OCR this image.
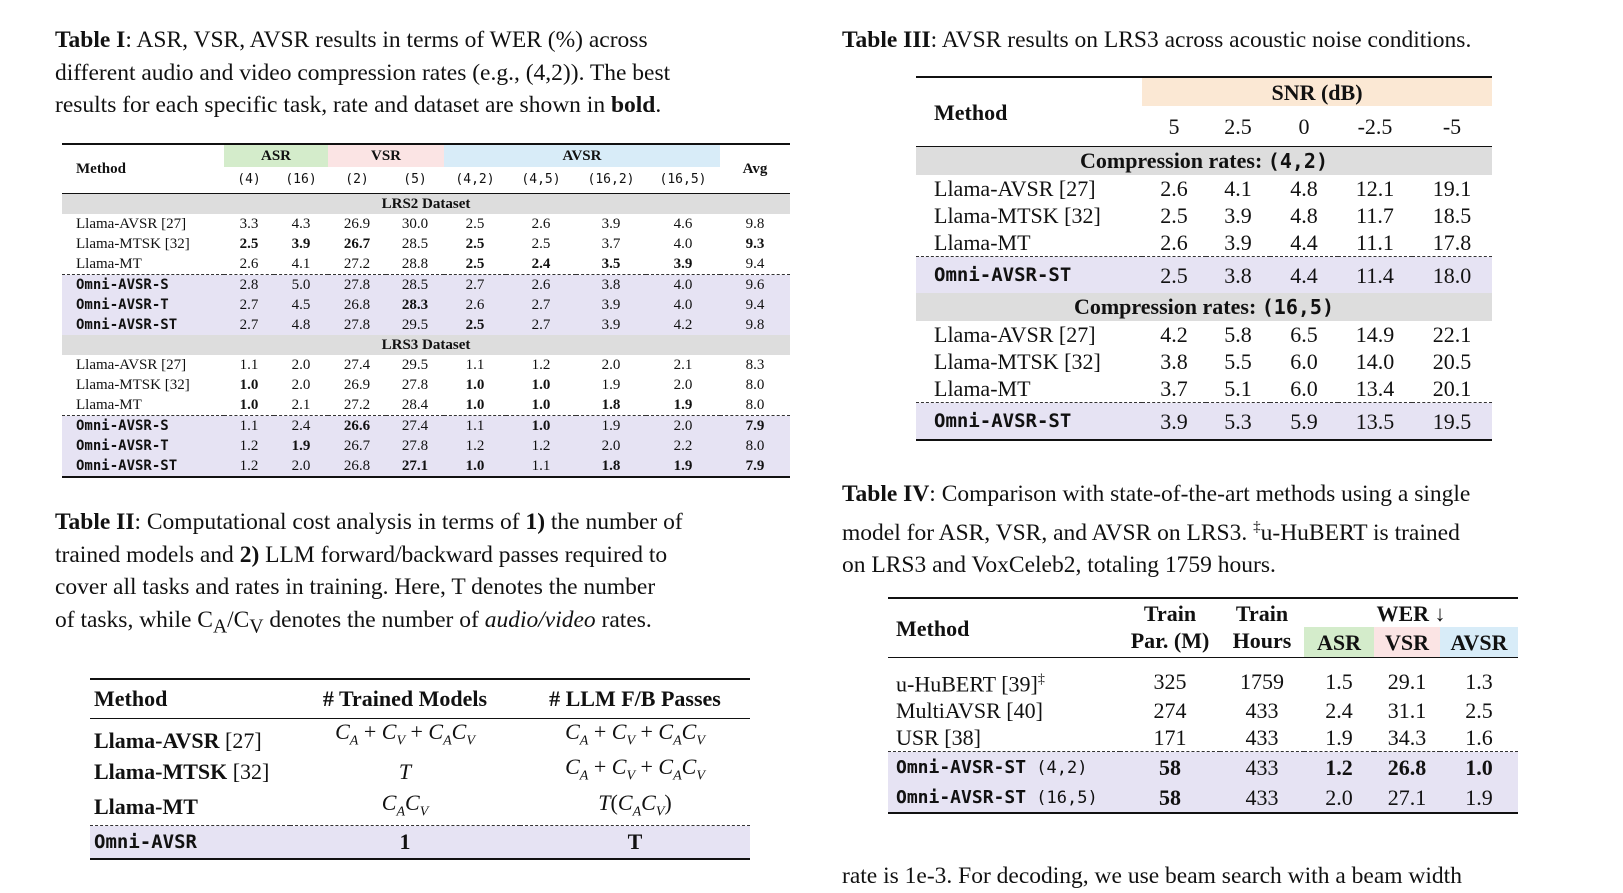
Table I: ASR, VSR, AVSR results in terms of WER (%) across
different audio and video compression rates (e.g., (4,2)). The best
results for each specific task, rate and dataset are shown in bold.
Method	ASR		VSR		AVSR				Avg
	(4)	(16)	(2)	(5)	(4,2)	(4,5)	(16,2)	(16,5)	
LRS2 Dataset									
Llama-AVSR [27]	3.3	4.3	26.9	30.0	2.5	2.6	3.9	4.6	9.8
Llama-MTSK [32]	2.5	3.9	26.7	28.5	2.5	2.5	3.7	4.0	9.3
Llama-MT	2.6	4.1	27.2	28.8	2.5	2.4	3.5	3.9	9.4
Omni-AVSR-S	2.8	5.0	27.8	28.5	2.7	2.6	3.8	4.0	9.6
Omni-AVSR-T	2.7	4.5	26.8	28.3	2.6	2.7	3.9	4.0	9.4
Omni-AVSR-ST	2.7	4.8	27.8	29.5	2.5	2.7	3.9	4.2	9.8
LRS3 Dataset									
Llama-AVSR [27]	1.1	2.0	27.4	29.5	1.1	1.2	2.0	2.1	8.3
Llama-MTSK [32]	1.0	2.0	26.9	27.8	1.0	1.0	1.9	2.0	8.0
Llama-MT	1.0	2.1	27.2	28.4	1.0	1.0	1.8	1.9	8.0
Omni-AVSR-S	1.1	2.4	26.6	27.4	1.1	1.0	1.9	2.0	7.9
Omni-AVSR-T	1.2	1.9	26.7	27.8	1.2	1.2	2.0	2.2	8.0
Omni-AVSR-ST	1.2	2.0	26.8	27.1	1.0	1.1	1.8	1.9	7.9
Table II: Computational cost analysis in terms of 1) the number of
trained models and 2) LLM forward/backward passes required to
cover all tasks and rates in training. Here, T denotes the number
of tasks, while $C_A/C_V$ denotes the number of audio/video rates.
Method	# Trained Models	# LLM F/B Passes
Llama-AVSR [27]	$C_A + C_V + C_AC_V$	$C_A + C_V + C_AC_V$
Llama-MTSK [32]	T	$C_A + C_V + C_AC_V$
Llama-MT	$C_AC_V$	$T(C_AC_V)$
Omni-AVSR	1	T
Table III: AVSR results on LRS3 across acoustic noise conditions.
Method	SNR (dB)				
	5	2.5	0	-2.5	-5
Compression rates: (4,2)					
Llama-AVSR [27]	2.6	4.1	4.8	12.1	19.1
Llama-MTSK [32]	2.5	3.9	4.8	11.7	18.5
Llama-MT	2.6	3.9	4.4	11.1	17.8
Omni-AVSR-ST	2.5	3.8	4.4	11.4	18.0
Compression rates: (16,5)					
Llama-AVSR [27]	4.2	5.8	6.5	14.9	22.1
Llama-MTSK [32]	3.8	5.5	6.0	14.0	20.5
Llama-MT	3.7	5.1	6.0	13.4	20.1
Omni-AVSR-ST	3.9	5.3	5.9	13.5	19.5
Table IV: Comparison with state-of-the-art methods using a single
model for ASR, VSR, and AVSR on LRS3. ‡u-HuBERT is trained
on LRS3 and VoxCeleb2, totaling 1759 hours.
Method	Train	Train	WER ↓		
	Par. (M)	Hours	ASR	VSR	AVSR
u-HuBERT [39]‡	325	1759	1.5	29.1	1.3
MultiAVSR [40]	274	433	2.4	31.1	2.5
USR [38]	171	433	1.9	34.3	1.6
Omni-AVSR-ST (4,2)	58	433	1.2	26.8	1.0
Omni-AVSR-ST (16,5)	58	433	2.0	27.1	1.9
rate is 1e-3. For decoding, we use beam search with a beam width
